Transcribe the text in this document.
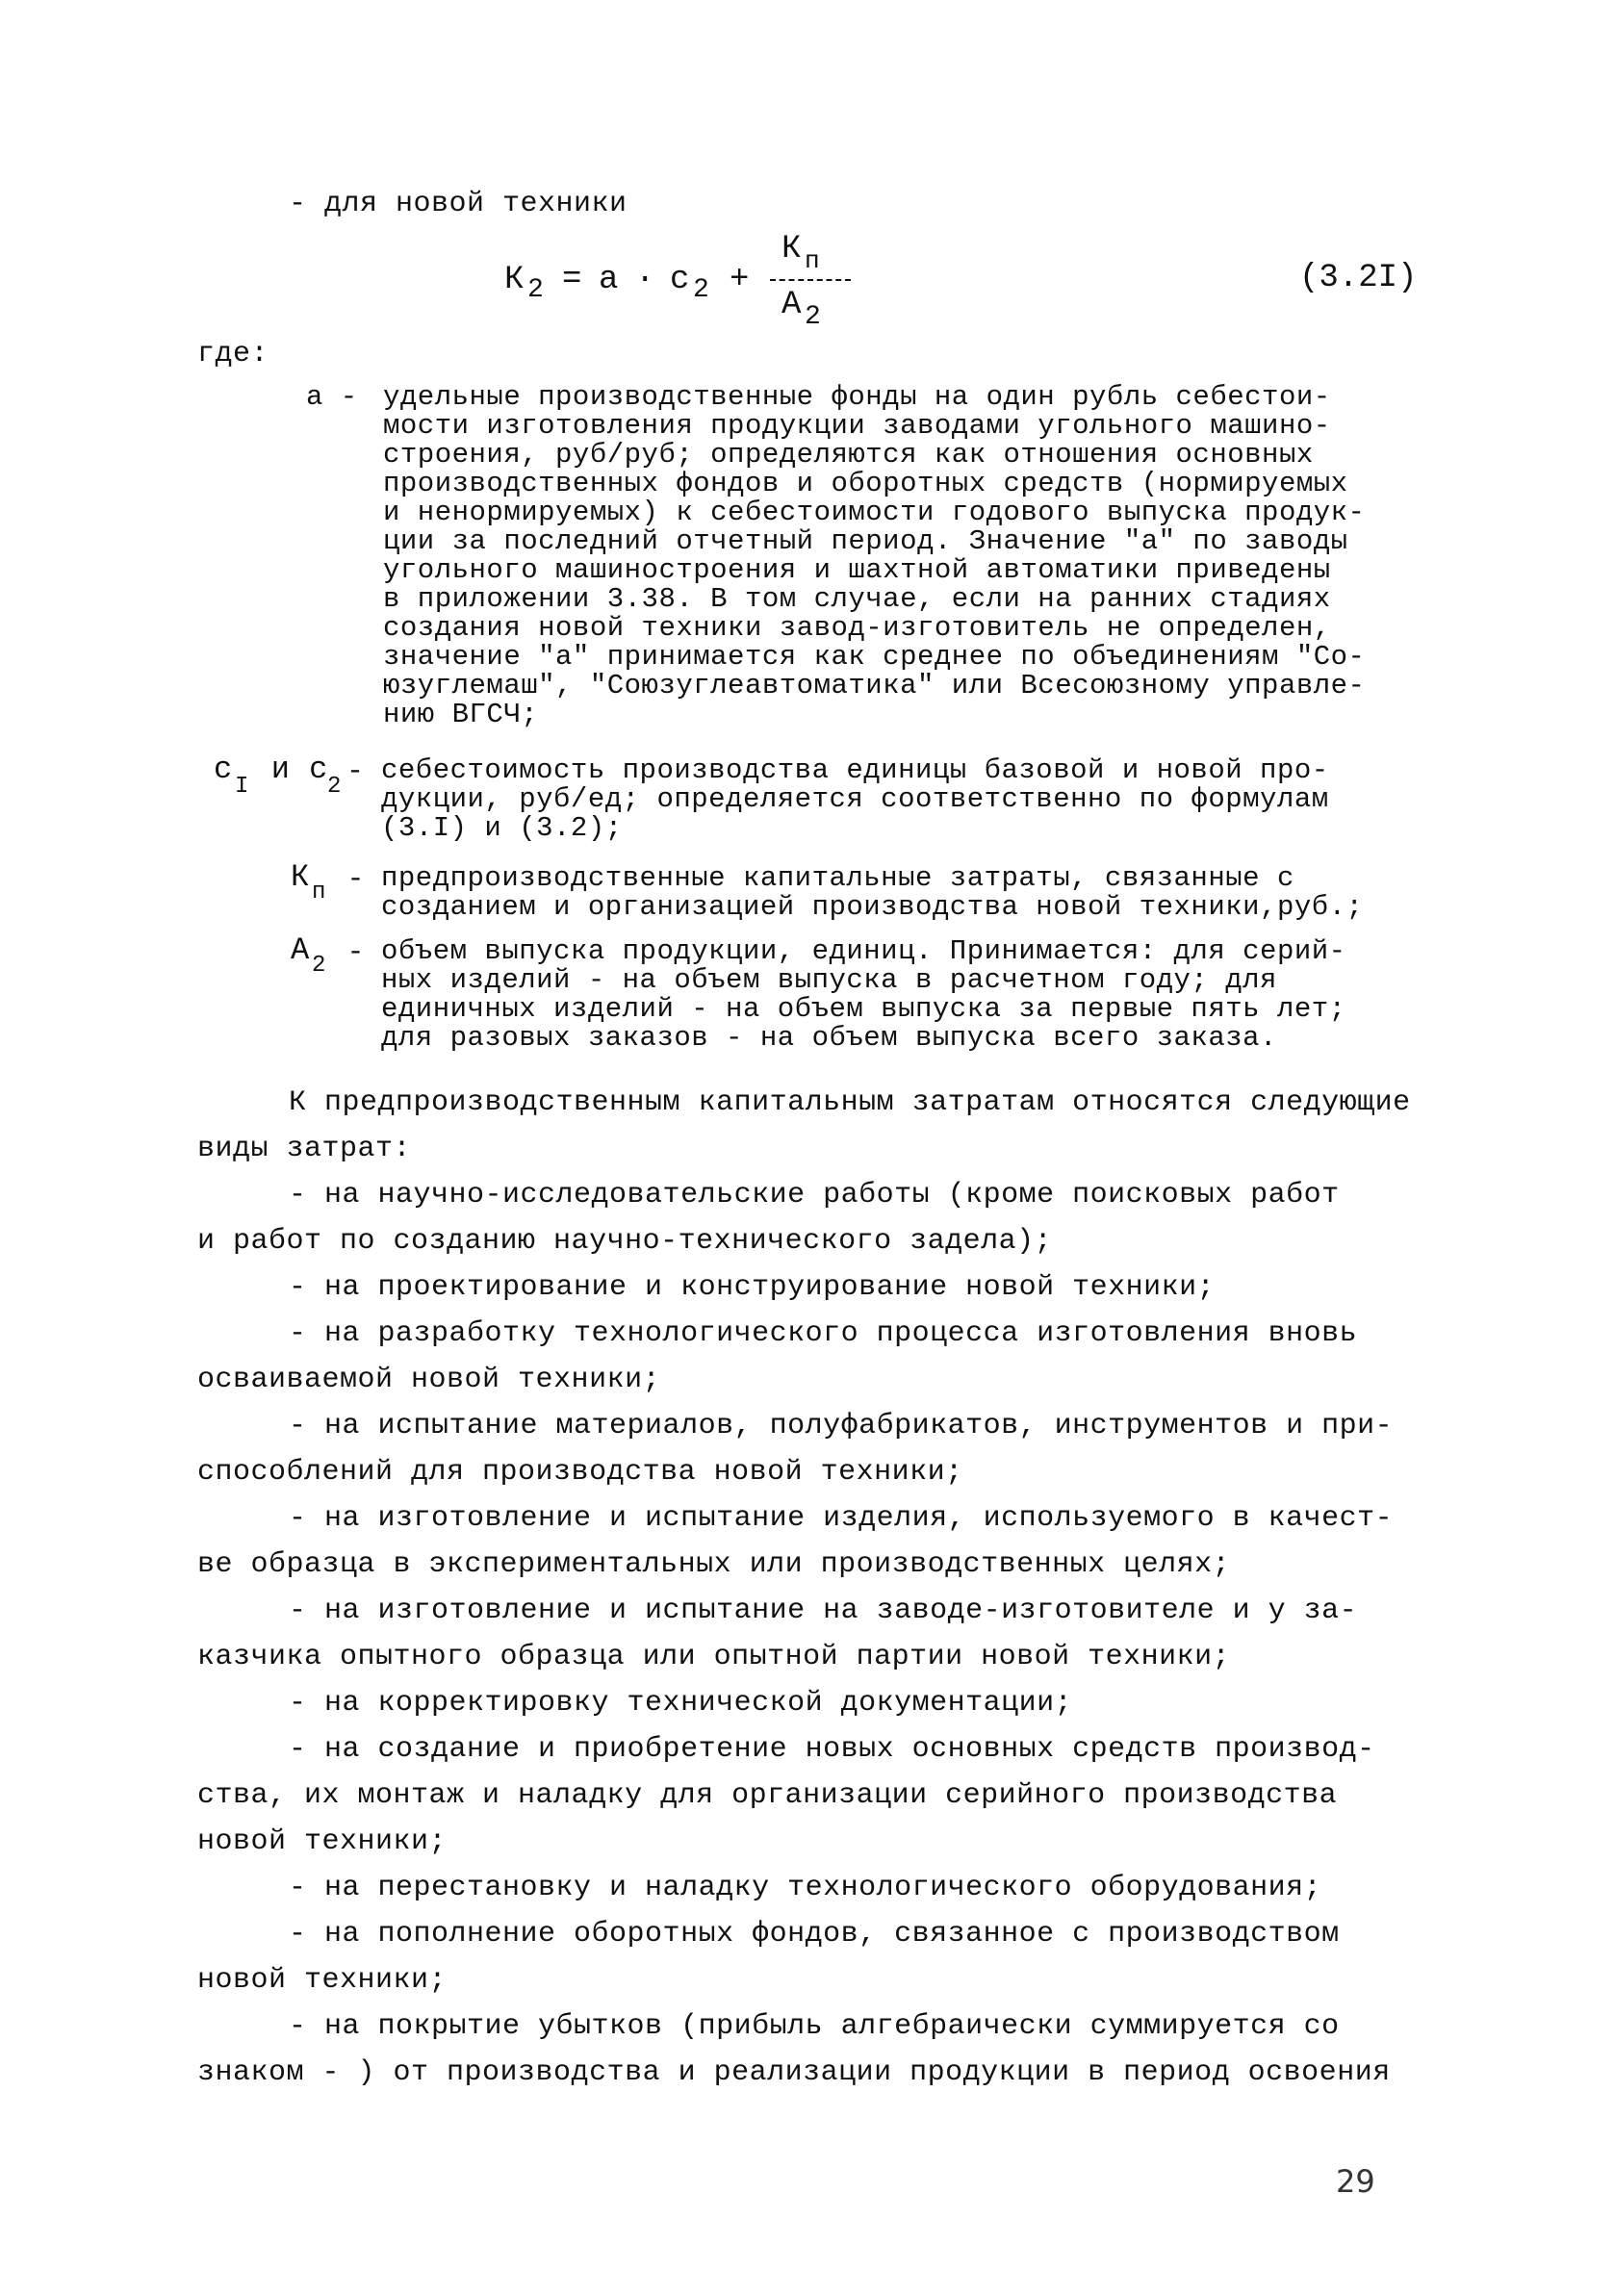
- для новой техники
К 2 = а · с 2 +
К п
А 2
(3.2I)
где:
а - удельные производственные фонды на один рубль себестои-
мости изготовления продукции заводами угольного машино-
строения, руб/руб; определяются как отношения основных
производственных фондов и оборотных средств (нормируемых
и ненормируемых) к себестоимости годового выпуска продук-
ции за последний отчетный период. Значение "а" по заводы
угольного машиностроения и шахтной автоматики приведены
в приложении 3.38. В том случае, если на ранних стадиях
создания новой техники завод-изготовитель не определен,
значение "а" принимается как среднее по объединениям "Со-
юзуглемаш", "Союзуглеавтоматика" или Всесоюзному управле-
нию ВГСЧ;
с I и с 2 - себестоимость производства единицы базовой и новой про-
дукции, руб/ед; определяется соответственно по формулам
(3.I) и (3.2);
К п - предпроизводственные капитальные затраты, связанные с
созданием и организацией производства новой техники,руб.;
А 2 - объем выпуска продукции, единиц. Принимается: для серий-
ных изделий - на объем выпуска в расчетном году; для
единичных изделий - на объем выпуска за первые пять лет;
для разовых заказов - на объем выпуска всего заказа.
К предпроизводственным капитальным затратам относятся следующие
виды затрат:
- на научно-исследовательские работы (кроме поисковых работ
и работ по созданию научно-технического задела);
- на проектирование и конструирование новой техники;
- на разработку технологического процесса изготовления вновь
осваиваемой новой техники;
- на испытание материалов, полуфабрикатов, инструментов и при-
способлений для производства новой техники;
- на изготовление и испытание изделия, используемого в качест-
ве образца в экспериментальных или производственных целях;
- на изготовление и испытание на заводе-изготовителе и у за-
казчика опытного образца или опытной партии новой техники;
- на корректировку технической документации;
- на создание и приобретение новых основных средств производ-
ства, их монтаж и наладку для организации серийного производства
новой техники;
- на перестановку и наладку технологического оборудования;
- на пополнение оборотных фондов, связанное с производством
новой техники;
- на покрытие убытков (прибыль алгебраически суммируется со
знаком - ) от производства и реализации продукции в период освоения
29
